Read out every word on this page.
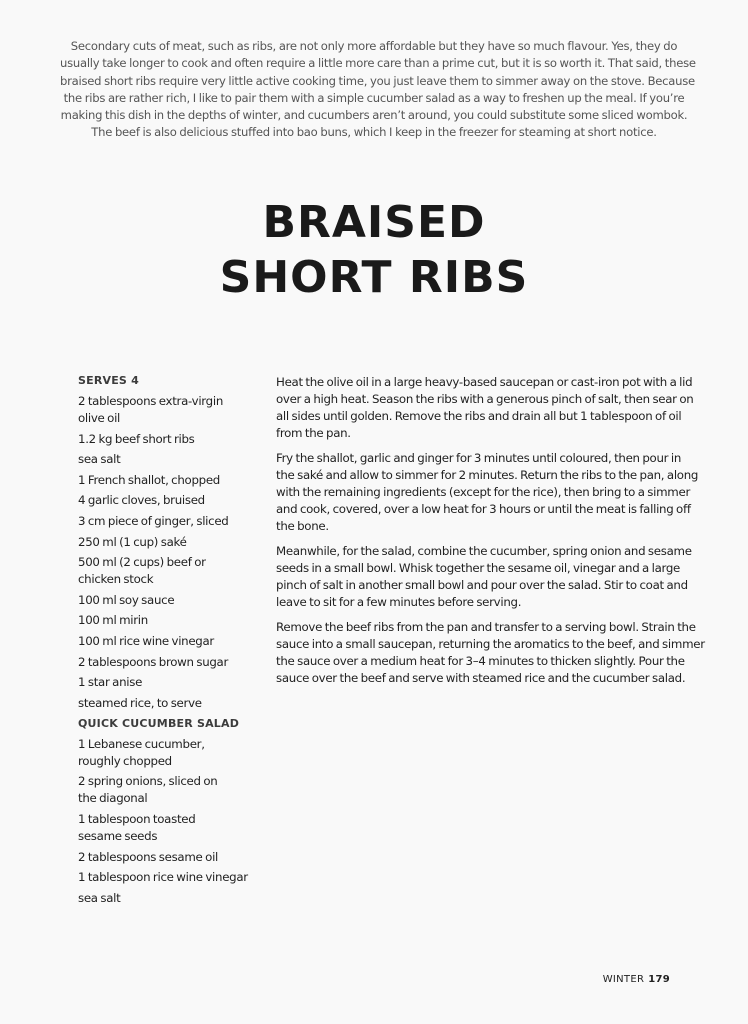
Secondary cuts of meat, such as ribs, are not only more affordable but they have so much flavour. Yes, they do
usually take longer to cook and often require a little more care than a prime cut, but it is so worth it. That said, these
braised short ribs require very little active cooking time, you just leave them to simmer away on the stove. Because
the ribs are rather rich, I like to pair them with a simple cucumber salad as a way to freshen up the meal. If you’re
making this dish in the depths of winter, and cucumbers aren’t around, you could substitute some sliced wombok.
The beef is also delicious stuffed into bao buns, which I keep in the freezer for steaming at short notice.
BRAISED
SHORT RIBS
SERVES 4
2 tablespoons extra-virgin
olive oil
1.2 kg beef short ribs
sea salt
1 French shallot, chopped
4 garlic cloves, bruised
3 cm piece of ginger, sliced
250 ml (1 cup) saké
500 ml (2 cups) beef or
chicken stock
100 ml soy sauce
100 ml mirin
100 ml rice wine vinegar
2 tablespoons brown sugar
1 star anise
steamed rice, to serve
QUICK CUCUMBER SALAD
1 Lebanese cucumber,
roughly chopped
2 spring onions, sliced on
the diagonal
1 tablespoon toasted
sesame seeds
2 tablespoons sesame oil
1 tablespoon rice wine vinegar
sea salt

Heat the olive oil in a large heavy-based saucepan or cast-iron pot with a lid
over a high heat. Season the ribs with a generous pinch of salt, then sear on
all sides until golden. Remove the ribs and drain all but 1 tablespoon of oil
from the pan.

Fry the shallot, garlic and ginger for 3 minutes until coloured, then pour in
the saké and allow to simmer for 2 minutes. Return the ribs to the pan, along
with the remaining ingredients (except for the rice), then bring to a simmer
and cook, covered, over a low heat for 3 hours or until the meat is falling off
the bone.

Meanwhile, for the salad, combine the cucumber, spring onion and sesame
seeds in a small bowl. Whisk together the sesame oil, vinegar and a large
pinch of salt in another small bowl and pour over the salad. Stir to coat and
leave to sit for a few minutes before serving.

Remove the beef ribs from the pan and transfer to a serving bowl. Strain the
sauce into a small saucepan, returning the aromatics to the beef, and simmer
the sauce over a medium heat for 3–4 minutes to thicken slightly. Pour the
sauce over the beef and serve with steamed rice and the cucumber salad.

WINTER 179
